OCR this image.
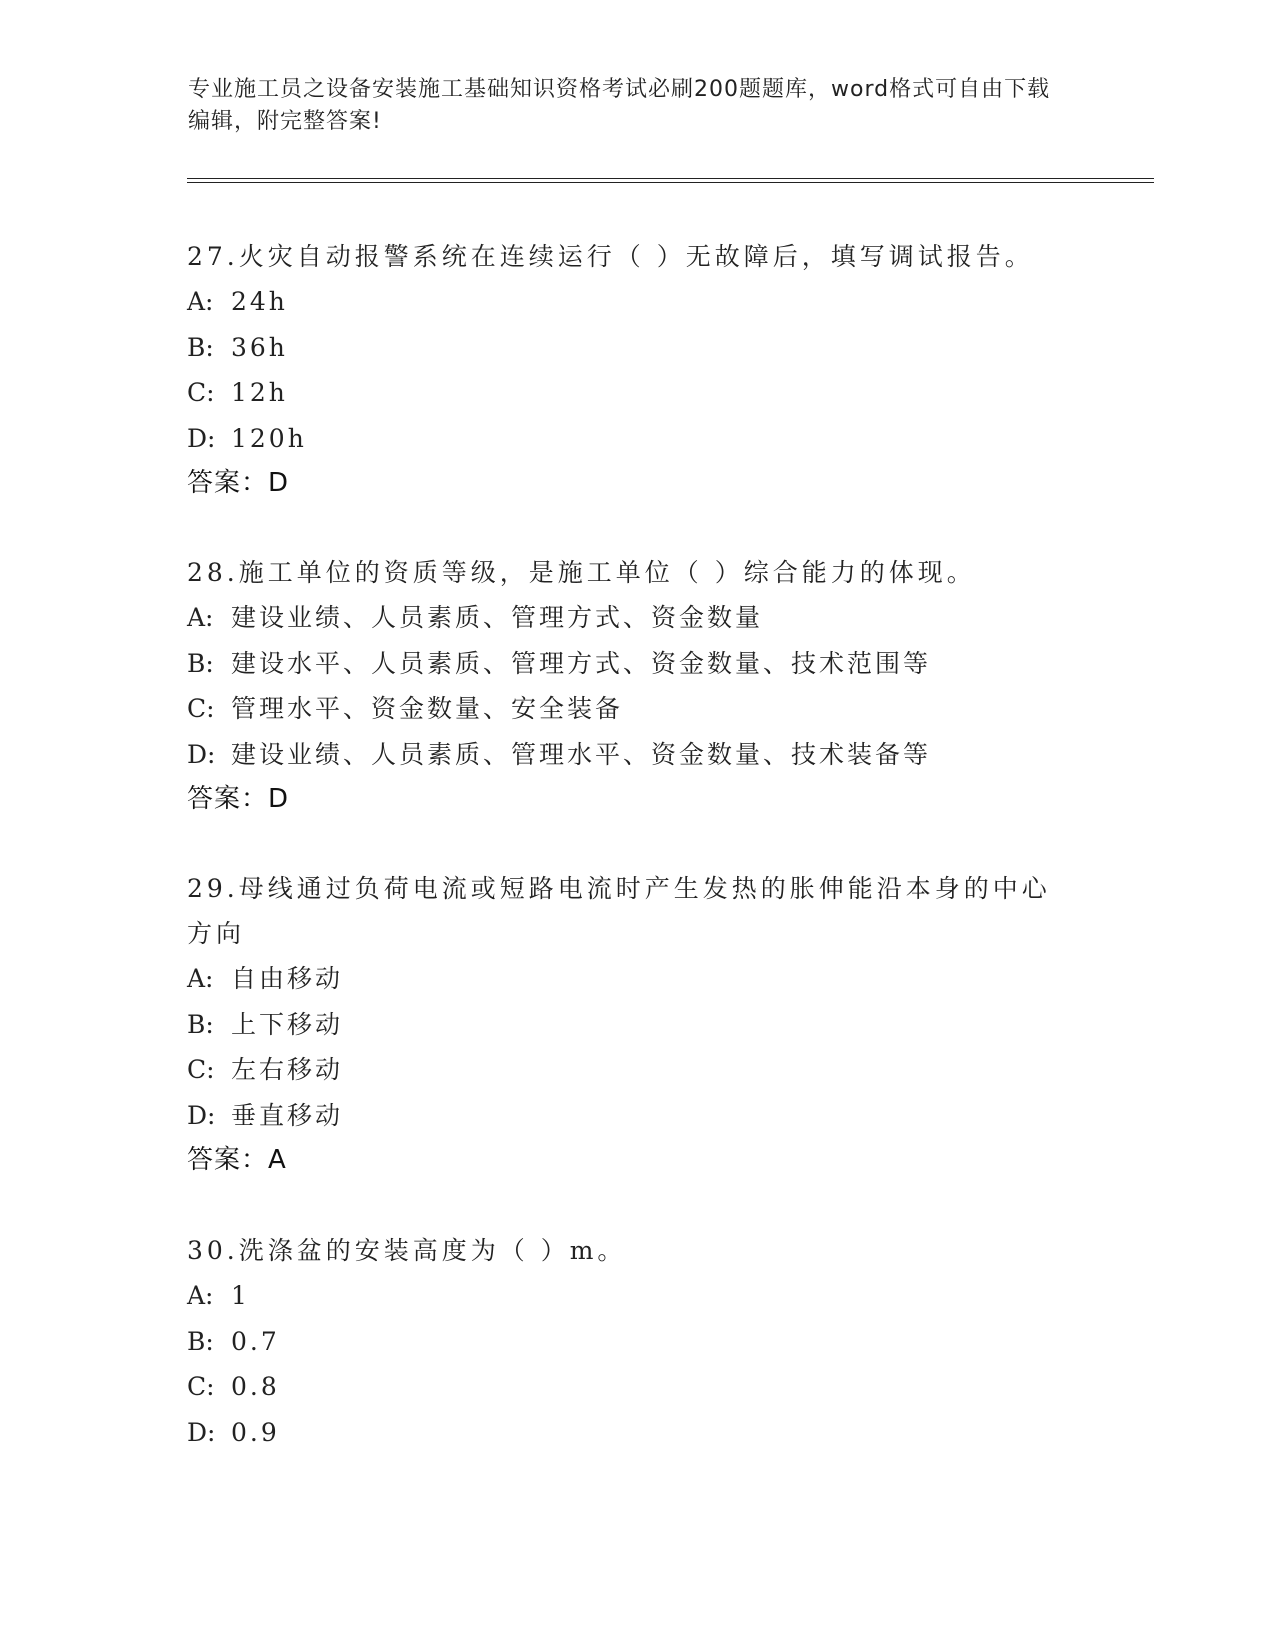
专业施工员之设备安装施工基础知识资格考试必刷200题题库，word格式可自由下载编辑，附完整答案!
27.火灾自动报警系统在连续运行（ ）无故障后，填写调试报告。
A: 24h
B: 36h
C: 12h
D: 120h
答案：D
28.施工单位的资质等级，是施工单位（ ）综合能力的体现。
A: 建设业绩、人员素质、管理方式、资金数量
B: 建设水平、人员素质、管理方式、资金数量、技术范围等
C: 管理水平、资金数量、安全装备
D: 建设业绩、人员素质、管理水平、资金数量、技术装备等
答案：D
29.母线通过负荷电流或短路电流时产生发热的胀伸能沿本身的中心方向
A: 自由移动
B: 上下移动
C: 左右移动
D: 垂直移动
答案：A
30.洗涤盆的安装高度为（ ）m。
A: 1
B: 0.7
C: 0.8
D: 0.9
